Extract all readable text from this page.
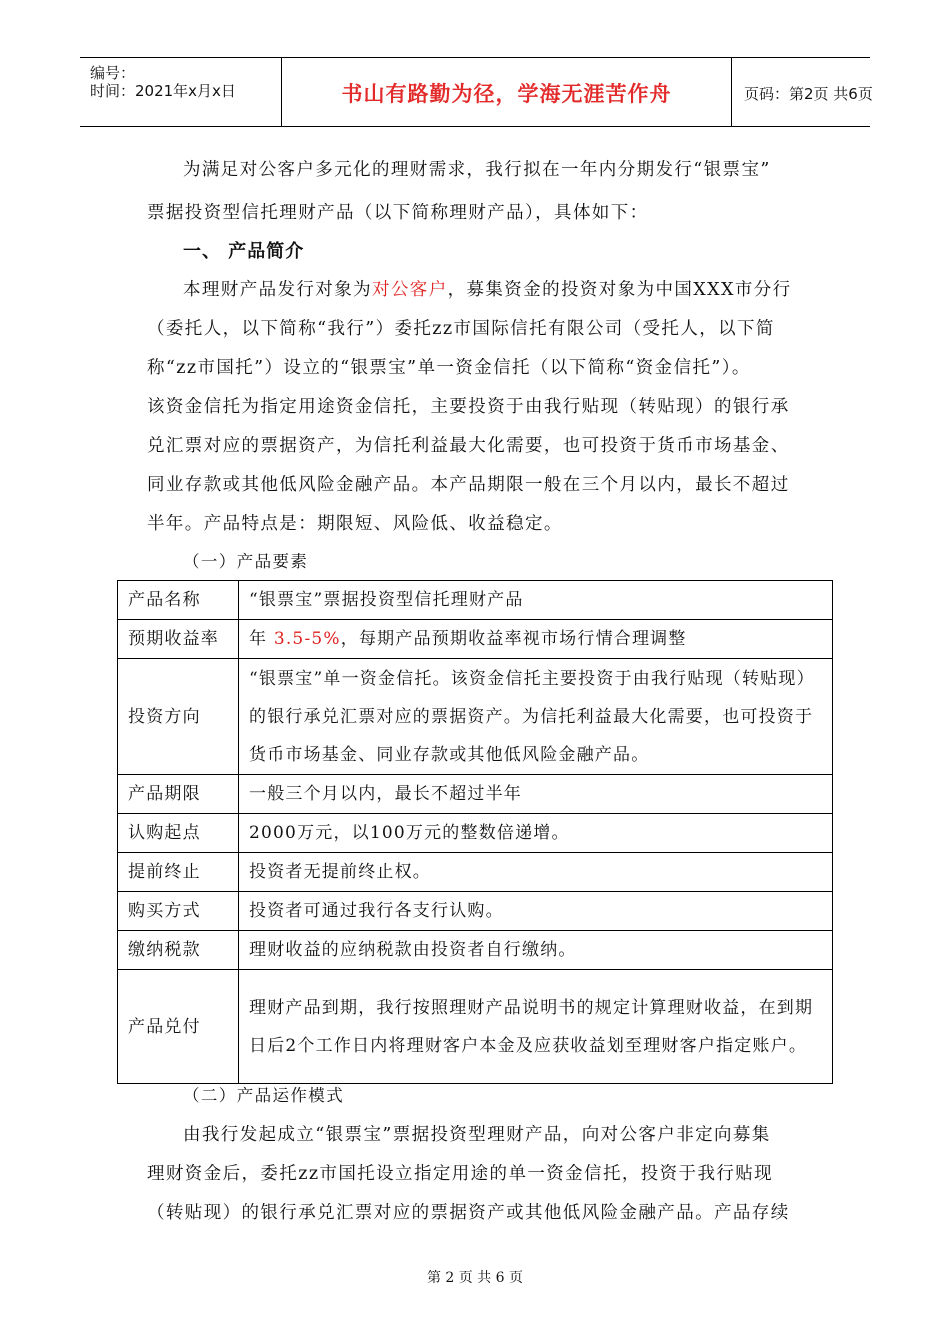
编号：
时间：2021年x月x日	书山有路勤为径，学海无涯苦作舟	页码：第2页 共6页
为满足对公客户多元化的理财需求，我行拟在一年内分期发行“银票宝”
票据投资型信托理财产品（以下简称理财产品），具体如下：
一、 产品简介
本理财产品发行对象为对公客户，募集资金的投资对象为中国XXX市分行
（委托人，以下简称“我行”）委托zz市国际信托有限公司（受托人，以下简
称“zz市国托”）设立的“银票宝”单一资金信托（以下简称“资金信托”）。
该资金信托为指定用途资金信托，主要投资于由我行贴现（转贴现）的银行承
兑汇票对应的票据资产，为信托利益最大化需要，也可投资于货币市场基金、
同业存款或其他低风险金融产品。本产品期限一般在三个月以内，最长不超过
半年。产品特点是：期限短、风险低、收益稳定。
（一）产品要素
产品名称	“银票宝”票据投资型信托理财产品
预期收益率	年 3.5-5%，每期产品预期收益率视市场行情合理调整
投资方向	“银票宝”单一资金信托。该资金信托主要投资于由我行贴现（转贴现）的银行承兑汇票对应的票据资产。为信托利益最大化需要，也可投资于货币市场基金、同业存款或其他低风险金融产品。
产品期限	一般三个月以内，最长不超过半年
认购起点	2000万元，以100万元的整数倍递增。
提前终止	投资者无提前终止权。
购买方式	投资者可通过我行各支行认购。
缴纳税款	理财收益的应纳税款由投资者自行缴纳。
产品兑付	理财产品到期，我行按照理财产品说明书的规定计算理财收益，在到期日后2个工作日内将理财客户本金及应获收益划至理财客户指定账户。
（二）产品运作模式
由我行发起成立“银票宝”票据投资型理财产品，向对公客户非定向募集
理财资金后，委托zz市国托设立指定用途的单一资金信托，投资于我行贴现
（转贴现）的银行承兑汇票对应的票据资产或其他低风险金融产品。产品存续
第 2 页 共 6 页
